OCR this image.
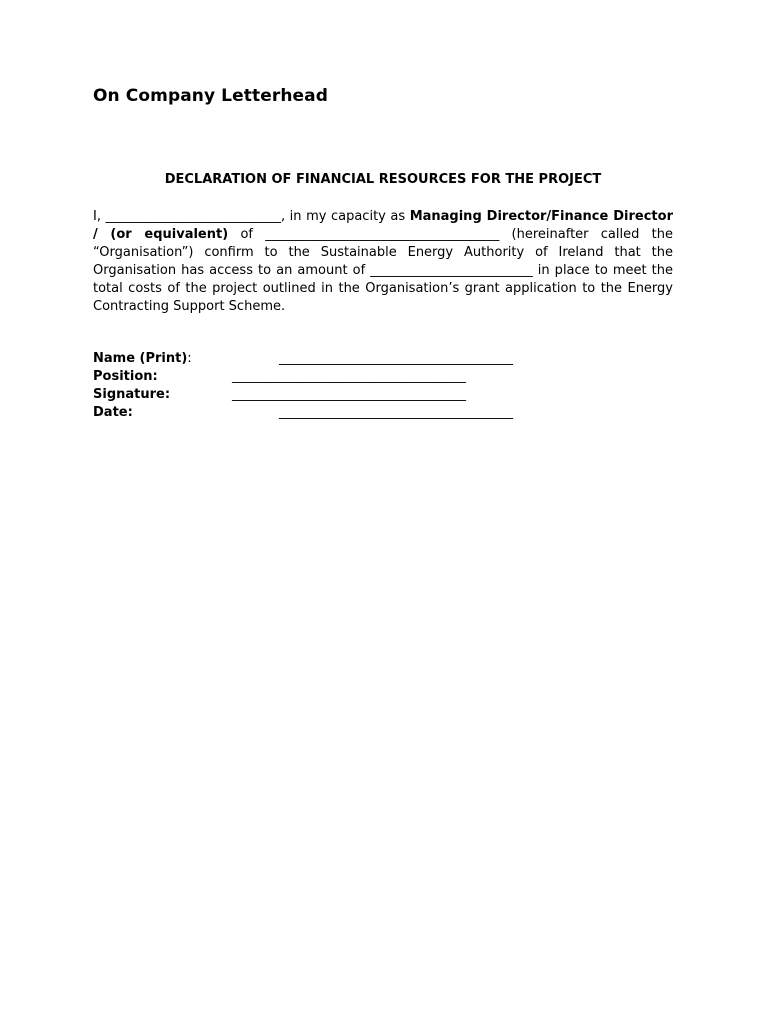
On Company Letterhead
DECLARATION OF FINANCIAL RESOURCES FOR THE PROJECT

I, ___________________________, in my capacity as Managing Director/Finance Director / (or equivalent) of ____________________________________ (hereinafter called the “Organisation”) confirm to the Sustainable Energy Authority of Ireland that the Organisation has access to an amount of _________________________ in place to meet the total costs of the project outlined in the Organisation’s grant application to the Energy Contracting Support Scheme.

Name (Print):	____________________________________
Position:	____________________________________
Signature:	____________________________________
Date:	____________________________________
